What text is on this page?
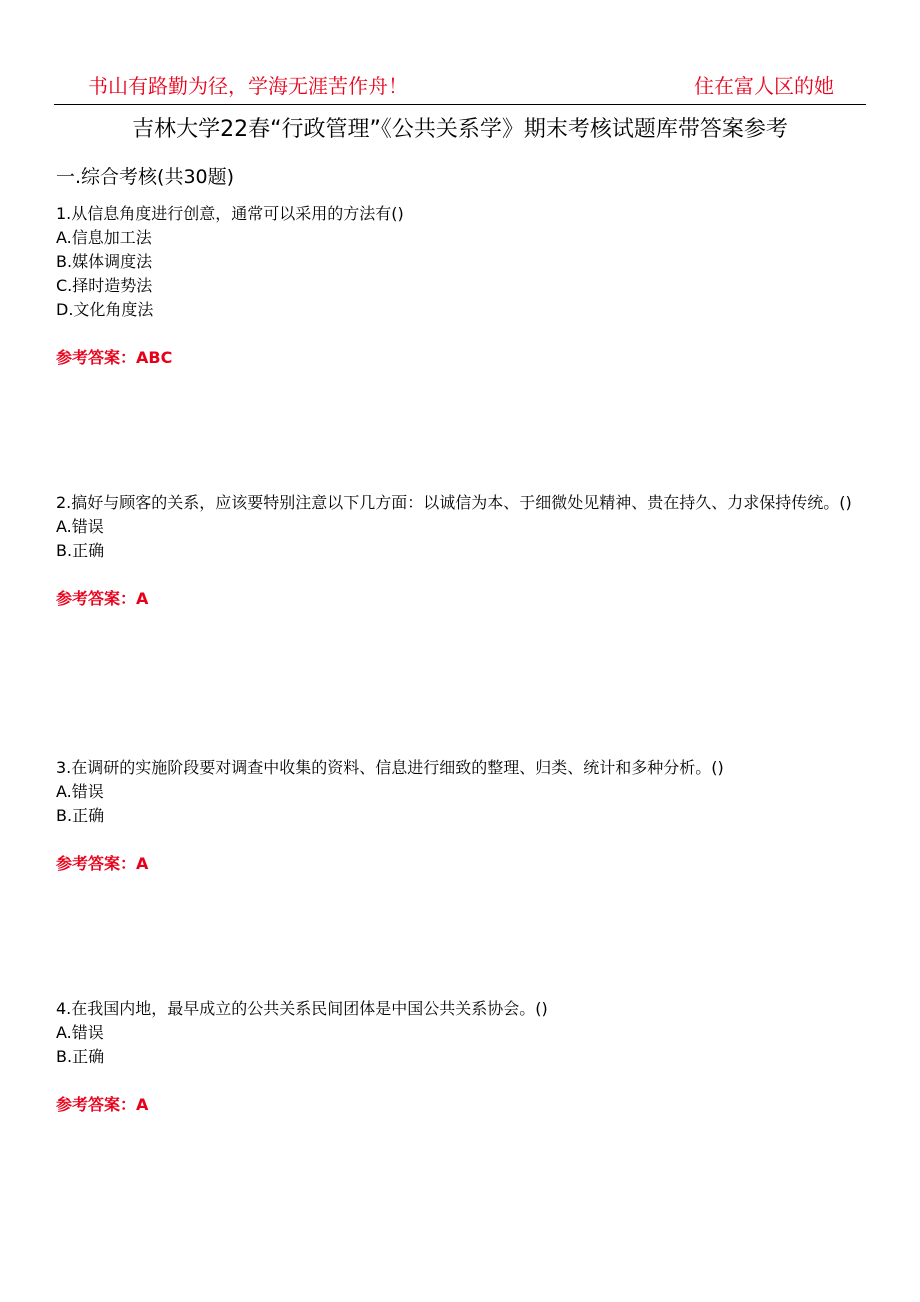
书山有路勤为径，学海无涯苦作舟！	住在富人区的她
吉林大学22春“行政管理”《公共关系学》期末考核试题库带答案参考
一.综合考核(共30题)
1.从信息角度进行创意，通常可以采用的方法有()
A.信息加工法
B.媒体调度法
C.择时造势法
D.文化角度法
参考答案：ABC
2.搞好与顾客的关系，应该要特别注意以下几方面：以诚信为本、于细微处见精神、贵在持久、力求保持传统。()
A.错误
B.正确
参考答案：A
3.在调研的实施阶段要对调查中收集的资料、信息进行细致的整理、归类、统计和多种分析。()
A.错误
B.正确
参考答案：A
4.在我国内地，最早成立的公共关系民间团体是中国公共关系协会。()
A.错误
B.正确
参考答案：A
